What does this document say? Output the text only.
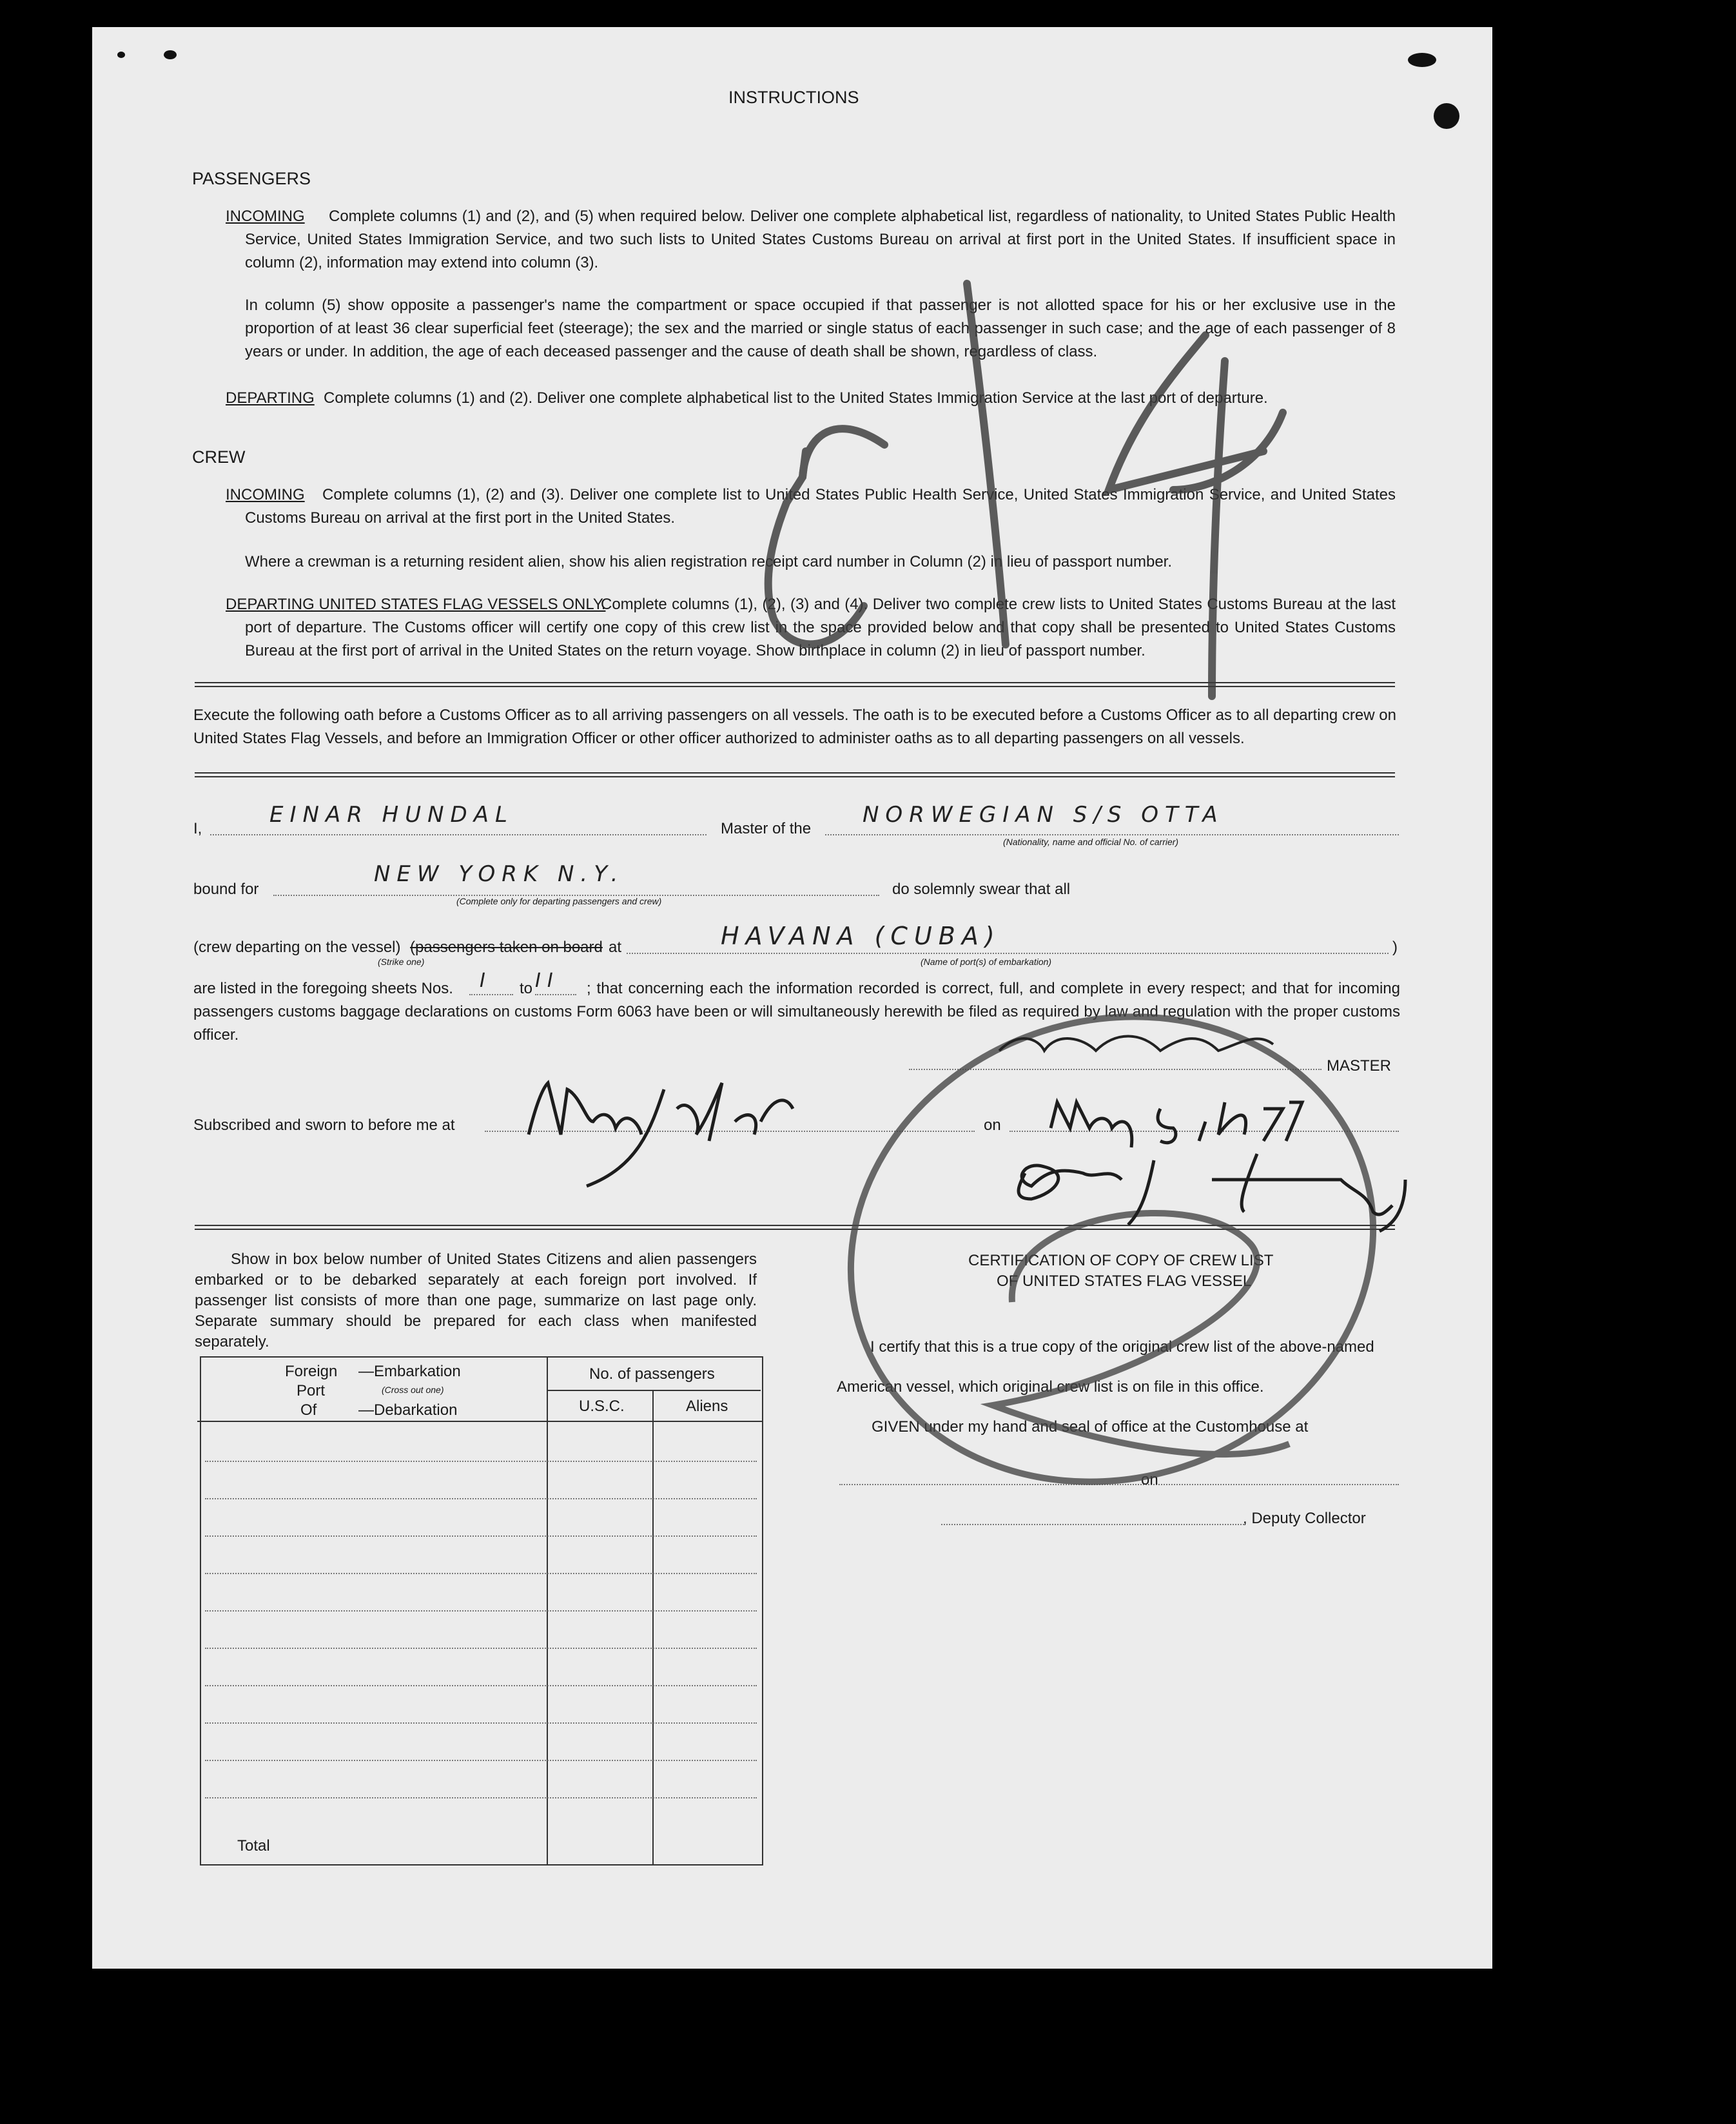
INSTRUCTIONS
PASSENGERS
INCOMING	Complete columns (1) and (2), and (5) when required below. Deliver one complete alphabetical list, regardless of nationality, to United States Public Health Service, United States Immigration Service, and two such lists to United States Customs Bureau on arrival at first port in the United States. If insufficient space in column (2), information may extend into column (3).
In column (5) show opposite a passenger's name the compartment or space occupied if that passenger is not allotted space for his or her exclusive use in the proportion of at least 36 clear superficial feet (steerage); the sex and the married or single status of each passenger in such case; and the age of each passenger of 8 years or under. In addition, the age of each deceased passenger and the cause of death shall be shown, regardless of class.
DEPARTING Complete columns (1) and (2). Deliver one complete alphabetical list to the United States Immigration Service at the last port of departure.
CREW
INCOMING	Complete columns (1), (2) and (3). Deliver one complete list to United States Public Health Service, United States Immigration Service, and United States Customs Bureau on arrival at the first port in the United States.
Where a crewman is a returning resident alien, show his alien registration receipt card number in Column (2) in lieu of passport number.
DEPARTING UNITED STATES FLAG VESSELS ONLY.
Complete columns (1), (2), (3) and (4). Deliver two complete crew lists to United States Customs Bureau at the last port of departure. The Customs officer will certify one copy of this crew list in the space provided below and that copy shall be presented to United States Customs Bureau at the first port of arrival in the United States on the return voyage. Show birthplace in column (2) in lieu of passport number.
Execute the following oath before a Customs Officer as to all arriving passengers on all vessels. The oath is to be executed before a Customs Officer as to all departing crew on United States Flag Vessels, and before an Immigration Officer or other officer authorized to administer oaths as to all departing passengers on all vessels.
I,
EINAR HUNDAL
Master of the
NORWEGIAN S/S OTTA
(Nationality, name and official No. of carrier)
bound for
NEW YORK N.Y.
(Complete only for departing passengers and crew)
do solemnly swear that all
(crew departing on the vessel) (passengers taken on board at
(Strike one)
HAVANA (CUBA)
(Name of port(s) of embarkation)
)
are listed in the foregoing sheets Nos. I to II	; that concerning each the information recorded is correct, full, and complete in every respect; and that for incoming passengers customs baggage declarations on customs Form 6063 have been or will simultaneously herewith be filed as required by law and regulation with the proper customs officer.
MASTER
Subscribed and sworn to before me at	on
Show in box below number of United States Citizens and alien passengers embarked or to be debarked separately at each foreign port involved. If passenger list consists of more than one page, summarize on last page only. Separate summary should be prepared for each class when manifested separately.
Foreign
Port
Of
—Embarkation
(Cross out one)
—Debarkation
No. of passengers
U.S.C.	Aliens
Total
CERTIFICATION OF COPY OF CREW LIST
OF UNITED STATES FLAG VESSEL
I certify that this is a true copy of the original crew list of the above-named
American vessel, which original crew list is on file in this office.
GIVEN under my hand and seal of office at the Customhouse at
on
, Deputy Collector
